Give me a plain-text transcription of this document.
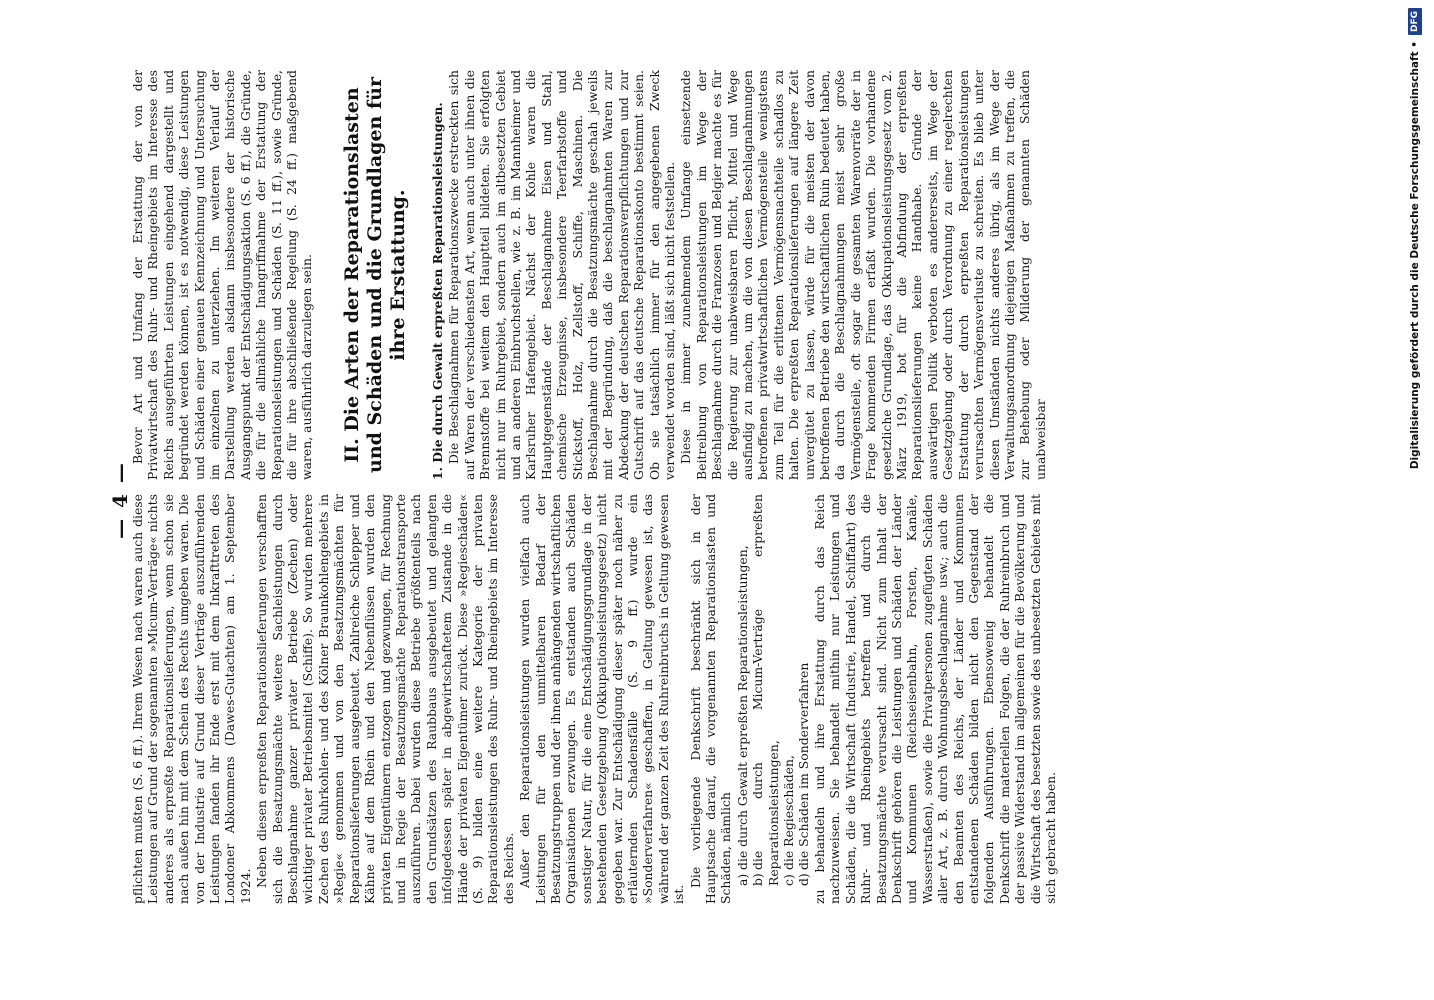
— 4 —

pflichten mußten (S. 6 ff.). Ihrem Wesen nach waren auch diese Leistungen auf Grund der sogenannten »Micum-Verträge« nichts anderes als erpreßte Reparationslieferungen, wenn schon sie nach außen hin mit dem Schein des Rechts umgeben waren. Die von der Industrie auf Grund dieser Verträge auszuführenden Leistungen fanden ihr Ende erst mit dem Inkrafttreten des Londoner Abkommens (Dawes-Gutachten) am 1. September 1924. Neben diesen erpreßten Reparationslieferungen verschafften sich die Besatzungsmächte weitere Sachleistungen durch Beschlagnahme ganzer privater Betriebe (Zechen) oder wichtiger privater Betriebsmittel (Schiffe). So wurden mehrere Zechen des Ruhrkohlen- und des Kölner Braunkohlengebiets in »Regie« genommen und von den Besatzungsmächten für Reparationslieferungen ausgebeutet. Zahlreiche Schlepper und Kähne auf dem Rhein und den Nebenflüssen wurden den privaten Eigentümern entzogen und gezwungen, für Rechnung und in Regie der Besatzungsmächte Reparationstransporte auszuführen. Dabei wurden diese Betriebe größtenteils nach den Grundsätzen des Raubbaus ausgebeutet und gelangten infolgedessen später in abgewirtschaftetem Zustande in die Hände der privaten Eigentümer zurück. Diese »Regieschäden« (S. 9) bilden eine weitere Kategorie der privaten Reparationsleistungen des Ruhr- und Rheingebiets im Interesse des Reichs. Außer den Reparationsleistungen wurden vielfach auch Leistungen für den unmittelbaren Bedarf der Besatzungstruppen und der ihnen anhängenden wirtschaftlichen Organisationen erzwungen. Es entstanden auch Schäden sonstiger Natur, für die eine Entschädigungsgrundlage in der bestehenden Gesetzgebung (Okkupationsleistungsgesetz) nicht gegeben war. Zur Entschädigung dieser später noch näher zu erläuternden Schadensfälle (S. 9 ff.) wurde ein »Sonderverfahren« geschaffen, in Geltung gewesen ist, das während der ganzen Zeit des Ruhreinbruchs in Geltung gewesen ist.

Die vorliegende Denkschrift beschränkt sich in der Hauptsache darauf, die vorgenannten Reparationslasten und Schäden, nämlich a)die durch Gewalt erpreßten Reparationsleistungen,

b)die durch Micum-Verträge erpreßten Reparationsleistungen, c)die Regieschäden,

d)die Schäden im Sonderverfahren zu behandeln und ihre Erstattung durch das Reich nachzuweisen. Sie behandelt mithin nur Leistungen und Schäden, die die Wirtschaft (Industrie, Handel, Schiffahrt) des Ruhr- und Rheingebiets betreffen und durch die Besatzungsmächte verursacht sind. Nicht zum Inhalt der Denkschrift gehören die Leistungen und Schäden der Länder und Kommunen (Reichseisenbahn, Forsten, Kanäle, Wasserstraßen), sowie die Privatpersonen zugefügten Schäden aller Art, z. B. durch Wohnungsbeschlagnahme usw.; auch die den Beamten des Reichs, der Länder und Kommunen entstandenen Schäden bilden nicht den Gegenstand der folgenden Ausführungen. Ebensowenig behandelt die Denkschrift die materiellen Folgen, die der Ruhreinbruch und der passive Widerstand im allgemeinen für die Bevölkerung und die Wirtschaft des besetzten sowie des unbesetzten Gebietes mit sich gebracht haben.

Bevor Art und Umfang der Erstattung der von der Privatwirtschaft des Ruhr- und Rheingebiets im Interesse des Reichs ausgeführten Leistungen eingehend dargestellt und begründet werden können, ist es notwendig, diese Leistungen und Schäden einer genauen Kennzeichnung und Untersuchung im einzelnen zu unterziehen. Im weiteren Verlauf der Darstellung werden alsdann insbesondere der historische Ausgangspunkt der Entschädigungsaktion (S. 6 ff.), die Gründe, die für die allmähliche Inangriffnahme der Erstattung der Reparationsleistungen und Schäden (S. 11 ff.), sowie Gründe, die für ihre abschließende Regelung (S. 24 ff.) maßgebend waren, ausführlich darzulegen sein. II. Die Arten der Reparationslasten und Schäden und die Grundlagen für ihre Erstattung. 1. Die durch Gewalt erpreßten Reparationsleistungen. Die Beschlagnahmen für Reparationszwecke erstreckten sich auf Waren der verschiedensten Art, wenn auch unter ihnen die Brennstoffe bei weitem den Hauptteil bildeten. Sie erfolgten nicht nur im Ruhrgebiet, sondern auch im altbesetzten Gebiet und an anderen Einbruchstellen, wie z. B. im Mannheimer und Karlsruher Hafengebiet. Nächst der Kohle waren die Hauptgegenstände der Beschlagnahme Eisen und Stahl, chemische Erzeugnisse, insbesondere Teerfarbstoffe und Stickstoff, Holz, Zellstoff, Schiffe, Maschinen. Die Beschlagnahme durch die Besatzungsmächte geschah jeweils mit der Begründung, daß die beschlagnahmten Waren zur Abdeckung der deutschen Reparationsverpflichtungen und zur Gutschrift auf das deutsche Reparationskonto bestimmt seien. Ob sie tatsächlich immer für den angegebenen Zweck verwendet worden sind, läßt sich nicht feststellen. Diese in immer zunehmendem Umfange einsetzende Beitreibung von Reparationsleistungen im Wege der Beschlagnahme durch die Franzosen und Belgier machte es für die Regierung zur unabweisbaren Pflicht, Mittel und Wege ausfindig zu machen, um die von diesen Beschlagnahmungen betroffenen privatwirtschaftlichen Vermögensteile wenigstens zum Teil für die erlittenen Vermögensnachteile schadlos zu halten. Die erpreßten Reparationslieferungen auf längere Zeit unvergütet zu lassen, würde für die meisten der davon betroffenen Betriebe den wirtschaftlichen Ruin bedeutet haben, da durch die Beschlagnahmungen meist sehr große Vermögensteile, oft sogar die gesamten Warenvorräte der in Frage kommenden Firmen erfaßt wurden. Die vorhandene gesetzliche Grundlage, das Okkupationsleistungsgesetz vom 2. März 1919, bot für die Abfindung der erpreßten Reparationslieferungen keine Handhabe. Gründe der auswärtigen Politik verboten es andererseits, im Wege der Gesetzgebung oder durch Verordnung zu einer regelrechten Erstattung der durch erpreßten Reparationsleistungen verursachten Vermögensverluste zu schreiten. Es blieb unter diesen Umständen nichts anderes übrig, als im Wege der Verwaltungsanordnung diejenigen Maßnahmen zu treffen, die zur Behebung oder Milderung der genannten Schäden unabweisbar	Digitalisierung gefördert durch die Deutsche Forschungsgemeinschaft •
DFG
